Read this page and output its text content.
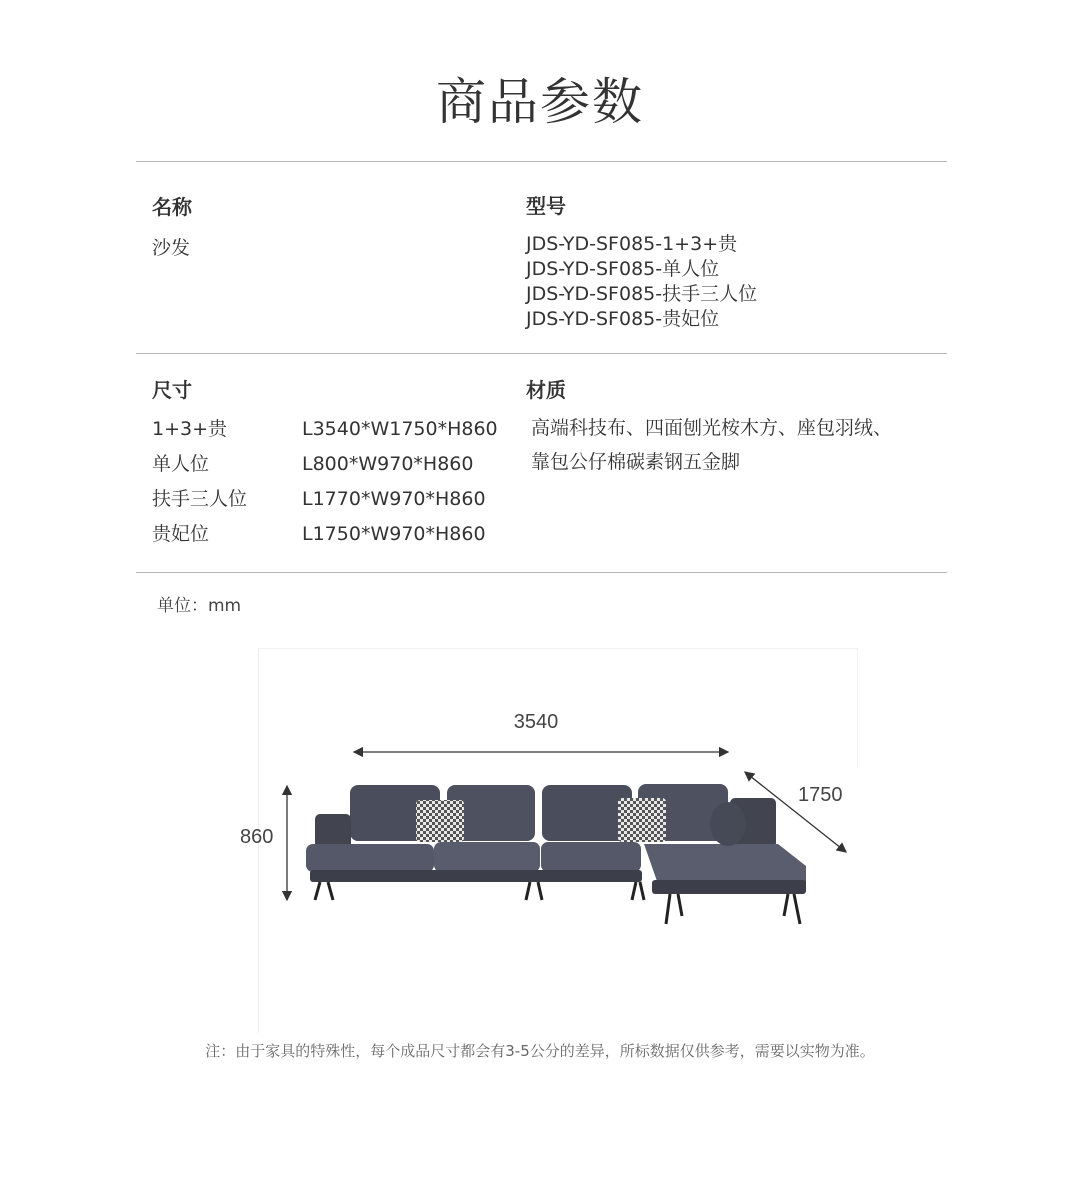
商品参数
名称
沙发
型号
JDS-YD-SF085-1+3+贵
JDS-YD-SF085-单人位
JDS-YD-SF085-扶手三人位
JDS-YD-SF085-贵妃位
尺寸
1+3+贵	L3540*W1750*H860
单人位	L800*W970*H860
扶手三人位	L1770*W970*H860
贵妃位	L1750*W970*H860
材质
高端科技布、四面刨光桉木方、座包羽绒、
靠包公仔棉碳素钢五金脚
单位：mm
3540
860
1750
注：由于家具的特殊性，每个成品尺寸都会有3-5公分的差异，所标数据仅供参考，需要以实物为准。
